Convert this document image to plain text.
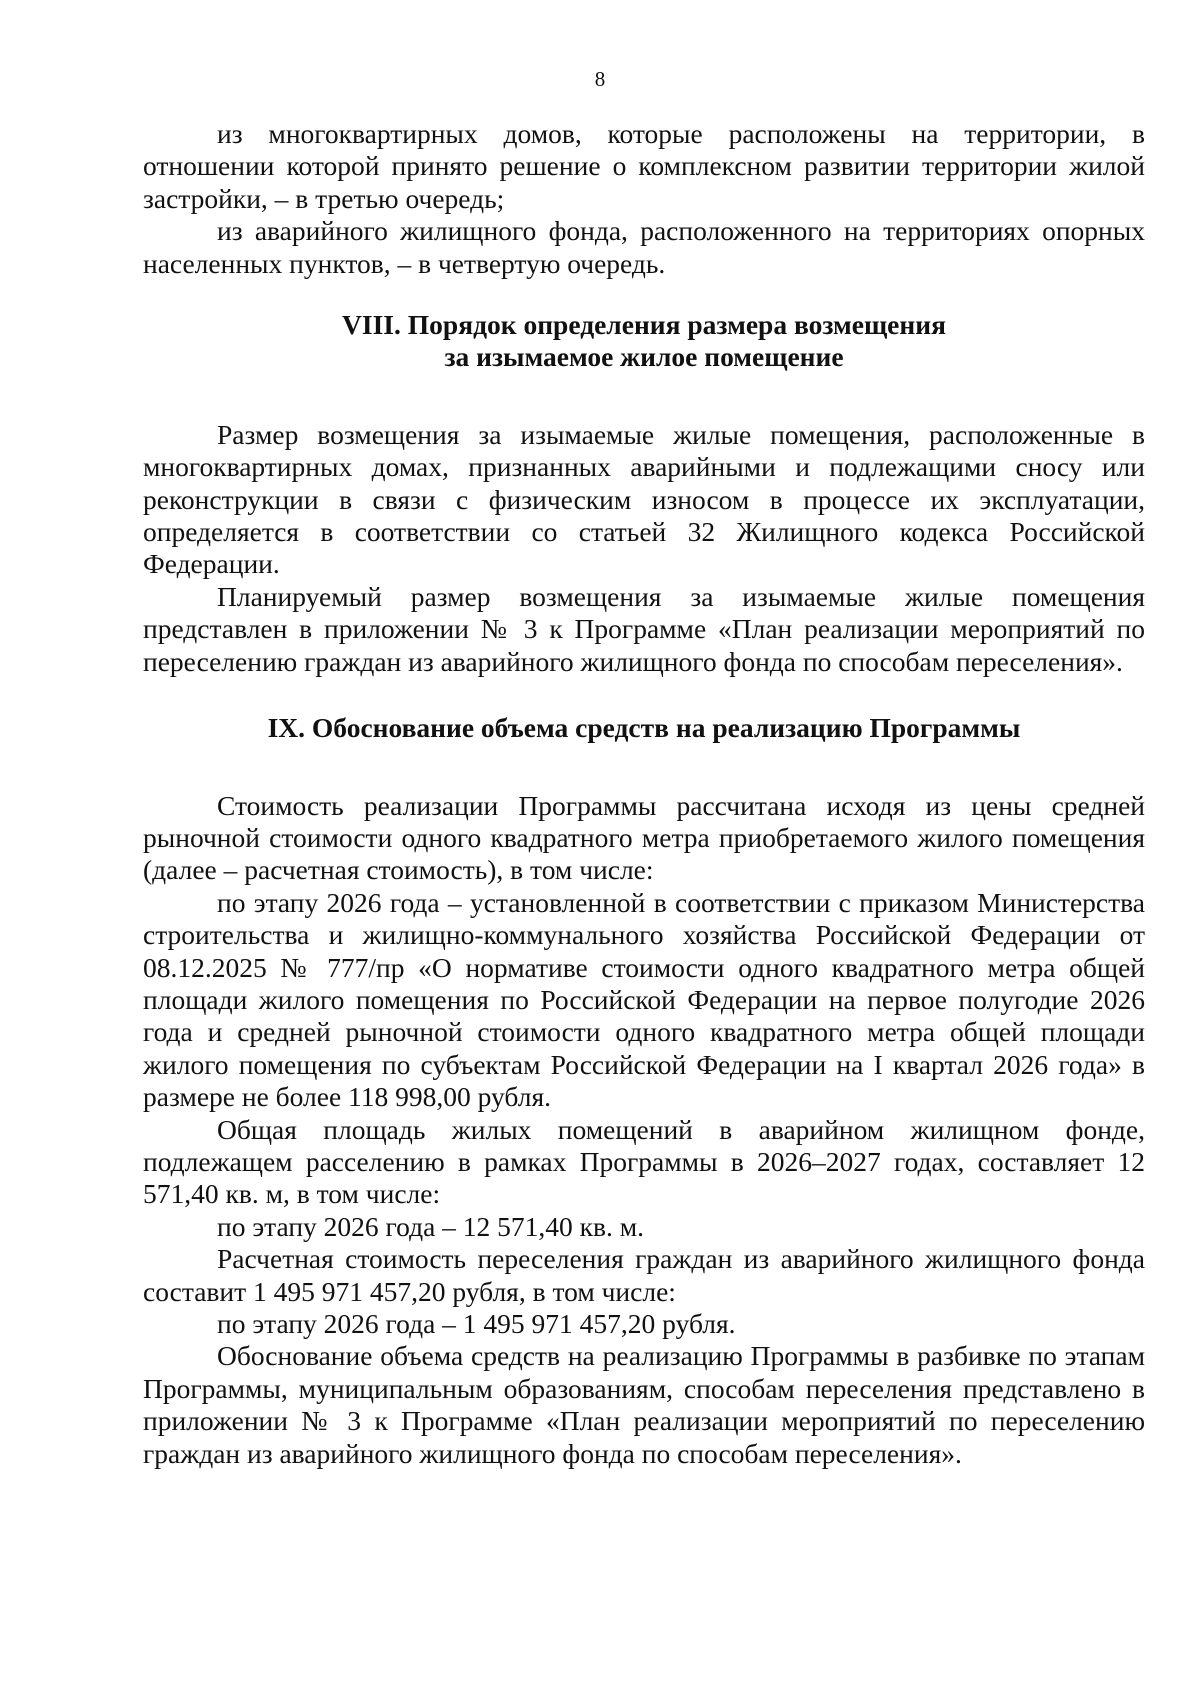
8

из многоквартирных домов, которые расположены на территории, в отношении которой принято решение о комплексном развитии территории жилой застройки, – в третью очередь;

из аварийного жилищного фонда, расположенного на территориях опорных населенных пунктов, – в четвертую очередь.

VIII. Порядок определения размера возмещения
за изымаемое жилое помещение

Размер возмещения за изымаемые жилые помещения, расположенные в многоквартирных домах, признанных аварийными и подлежащими сносу или реконструкции в связи с физическим износом в процессе их эксплуатации, определяется в соответствии со статьей 32 Жилищного кодекса Российской Федерации.

Планируемый размер возмещения за изымаемые жилые помещения представлен в приложении № 3 к Программе «План реализации мероприятий по переселению граждан из аварийного жилищного фонда по способам переселения».

IX. Обоснование объема средств на реализацию Программы

Стоимость реализации Программы рассчитана исходя из цены средней рыночной стоимости одного квадратного метра приобретаемого жилого помещения (далее – расчетная стоимость), в том числе:

по этапу 2026 года – установленной в соответствии с приказом Министерства строительства и жилищно-коммунального хозяйства Российской Федерации от 08.12.2025 № 777/пр «О нормативе стоимости одного квадратного метра общей площади жилого помещения по Российской Федерации на первое полугодие 2026 года и средней рыночной стоимости одного квадратного метра общей площади жилого помещения по субъектам Российской Федерации на I квартал 2026 года» в размере не более 118 998,00 рубля.

Общая площадь жилых помещений в аварийном жилищном фонде, подлежащем расселению в рамках Программы в 2026–2027 годах, составляет 12 571,40 кв. м, в том числе:

по этапу 2026 года – 12 571,40 кв. м.

Расчетная стоимость переселения граждан из аварийного жилищного фонда составит 1 495 971 457,20 рубля, в том числе:

по этапу 2026 года – 1 495 971 457,20 рубля.

Обоснование объема средств на реализацию Программы в разбивке по этапам Программы, муниципальным образованиям, способам переселения представлено в приложении № 3 к Программе «План реализации мероприятий по переселению граждан из аварийного жилищного фонда по способам переселения».
